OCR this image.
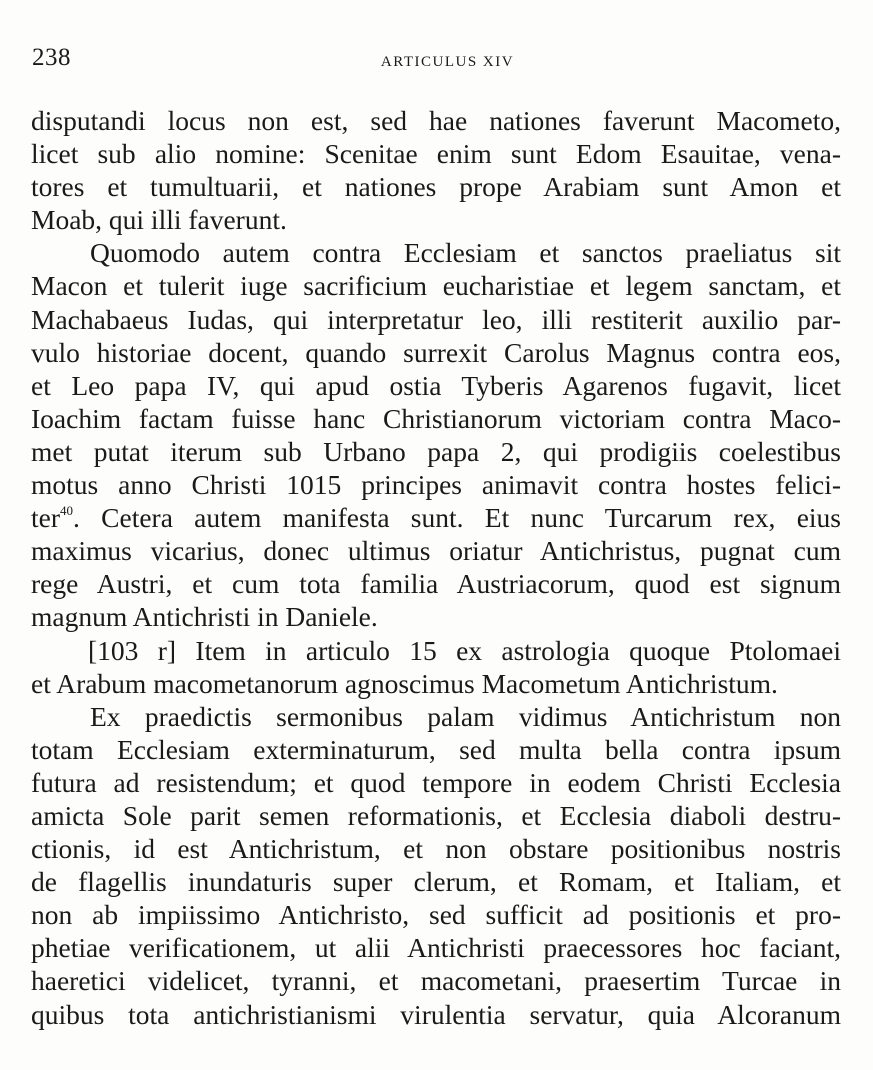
238	ARTICULUS XIV
disputandi locus non est, sed hae nationes faverunt Macometo,
licet sub alio nomine: Scenitae enim sunt Edom Esauitae, vena-
tores et tumultuarii, et nationes prope Arabiam sunt Amon et
Moab, qui illi faverunt.
Quomodo autem contra Ecclesiam et sanctos praeliatus sit
Macon et tulerit iuge sacrificium eucharistiae et legem sanctam, et
Machabaeus Iudas, qui interpretatur leo, illi restiterit auxilio par-
vulo historiae docent, quando surrexit Carolus Magnus contra eos,
et Leo papa IV, qui apud ostia Tyberis Agarenos fugavit, licet
Ioachim factam fuisse hanc Christianorum victoriam contra Maco-
met putat iterum sub Urbano papa 2, qui prodigiis coelestibus
motus anno Christi 1015 principes animavit contra hostes felici-
ter$^{40}$. Cetera autem manifesta sunt. Et nunc Turcarum rex, eius
maximus vicarius, donec ultimus oriatur Antichristus, pugnat cum
rege Austri, et cum tota familia Austriacorum, quod est signum
magnum Antichristi in Daniele.
[103 r] Item in articulo 15 ex astrologia quoque Ptolomaei
et Arabum macometanorum agnoscimus Macometum Antichristum.
Ex praedictis sermonibus palam vidimus Antichristum non
totam Ecclesiam exterminaturum, sed multa bella contra ipsum
futura ad resistendum; et quod tempore in eodem Christi Ecclesia
amicta Sole parit semen reformationis, et Ecclesia diaboli destru-
ctionis, id est Antichristum, et non obstare positionibus nostris
de flagellis inundaturis super clerum, et Romam, et Italiam, et
non ab impiissimo Antichristo, sed sufficit ad positionis et pro-
phetiae verificationem, ut alii Antichristi praecessores hoc faciant,
haeretici videlicet, tyranni, et macometani, praesertim Turcae in
quibus tota antichristianismi virulentia servatur, quia Alcoranum
